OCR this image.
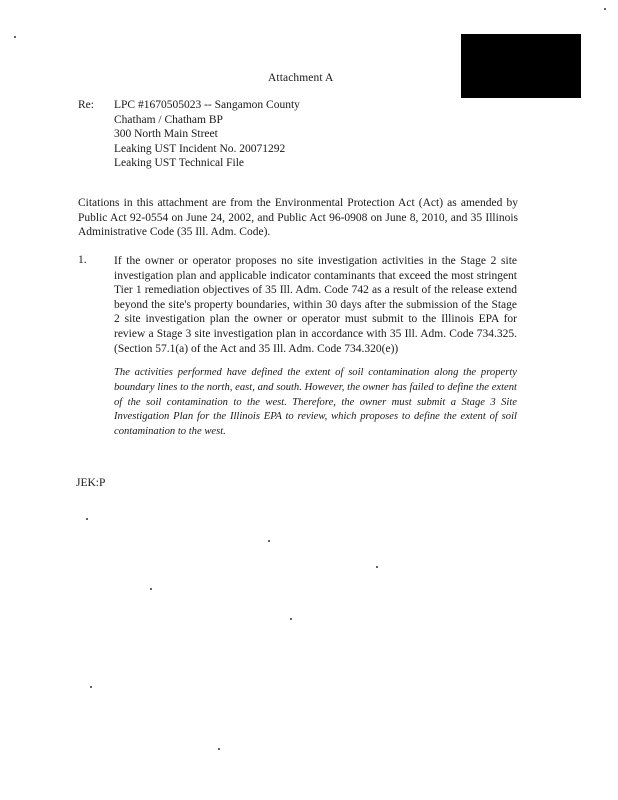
Attachment A
Re: LPC #1670505023 -- Sangamon County
Chatham / Chatham BP
300 North Main Street
Leaking UST Incident No. 20071292
Leaking UST Technical File
Citations in this attachment are from the Environmental Protection Act (Act) as amended by Public Act 92-0554 on June 24, 2002, and Public Act 96-0908 on June 8, 2010, and 35 Illinois Administrative Code (35 Ill. Adm. Code).
1. If the owner or operator proposes no site investigation activities in the Stage 2 site investigation plan and applicable indicator contaminants that exceed the most stringent Tier 1 remediation objectives of 35 Ill. Adm. Code 742 as a result of the release extend beyond the site's property boundaries, within 30 days after the submission of the Stage 2 site investigation plan the owner or operator must submit to the Illinois EPA for review a Stage 3 site investigation plan in accordance with 35 Ill. Adm. Code 734.325. (Section 57.1(a) of the Act and 35 Ill. Adm. Code 734.320(e))
The activities performed have defined the extent of soil contamination along the property boundary lines to the north, east, and south. However, the owner has failed to define the extent of the soil contamination to the west. Therefore, the owner must submit a Stage 3 Site Investigation Plan for the Illinois EPA to review, which proposes to define the extent of soil contamination to the west.
JEK:P
